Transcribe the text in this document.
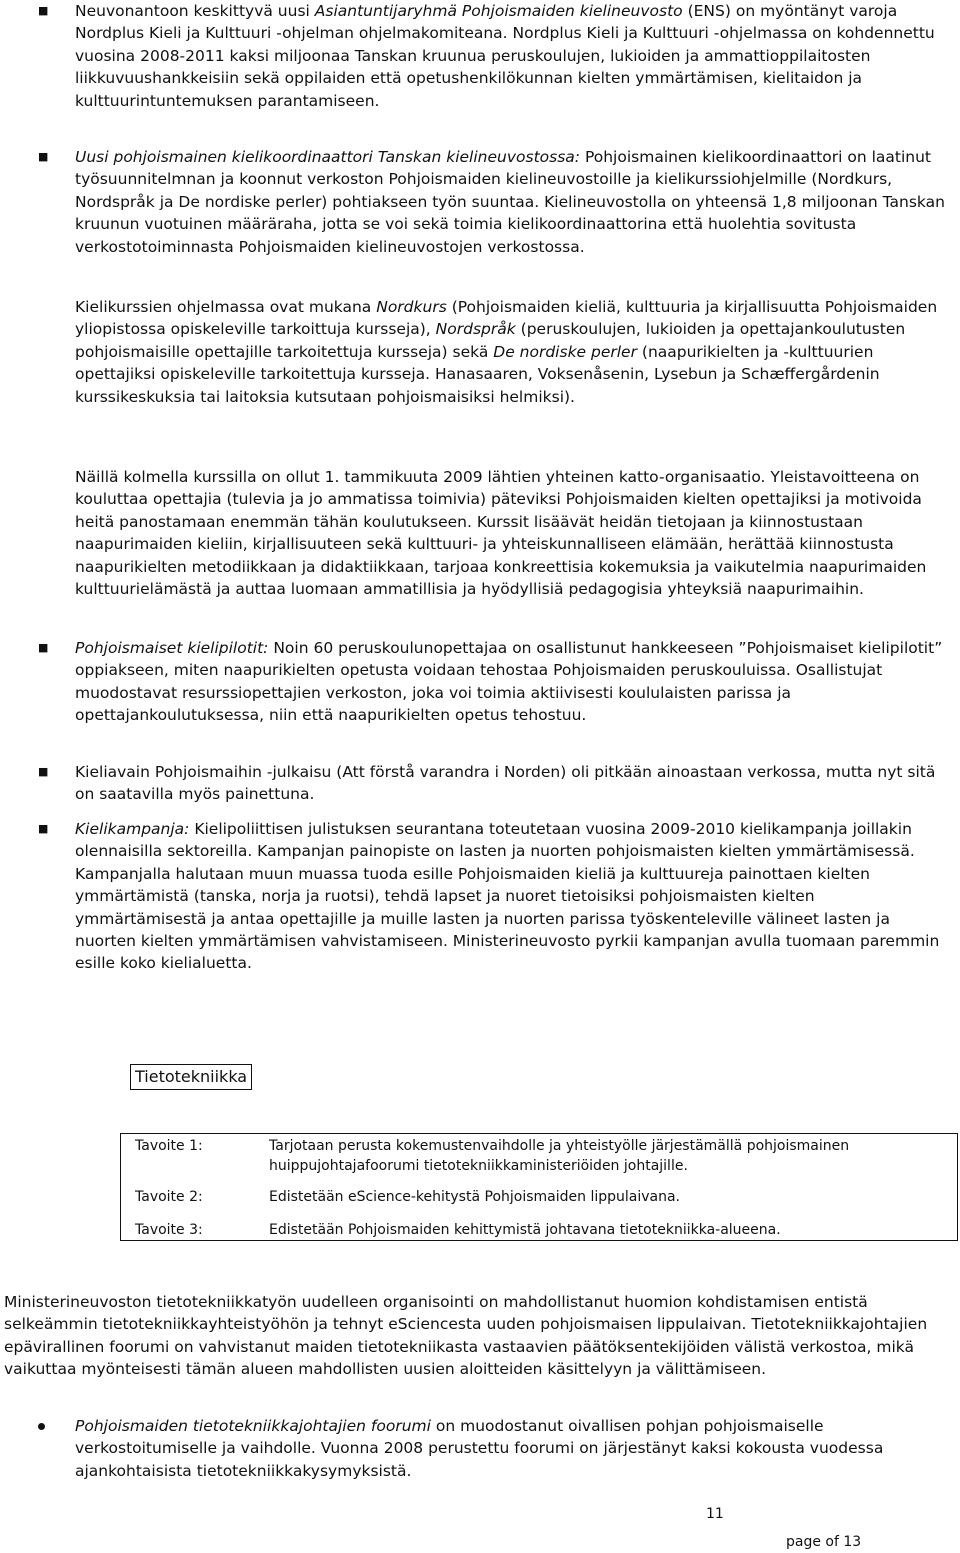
■ Neuvonantoon keskittyvä uusi Asiantuntijaryhmä Pohjoismaiden kielineuvosto (ENS) on myöntänyt varoja Nordplus Kieli ja Kulttuuri -ohjelman ohjelmakomiteana. Nordplus Kieli ja Kulttuuri -ohjelmassa on kohdennettu vuosina 2008‑2011 kaksi miljoonaa Tanskan kruunua peruskoulujen, lukioiden ja ammattioppilaitosten liikkuvuushankkeisiin sekä oppilaiden että opetushenkilökunnan kielten ymmärtämisen, kielitaidon ja kulttuurintuntemuksen parantamiseen.

■ Uusi pohjoismainen kielikoordinaattori Tanskan kielineuvostossa: Pohjoismainen kielikoordinaattori on laatinut työsuunnitelmnan ja koonnut verkoston Pohjoismaiden kielineuvostoille ja kielikurssiohjelmille (Nordkurs, Nordspråk ja De nordiske perler) pohtiakseen työn suuntaa. Kielineuvostolla on yhteensä 1,8 miljoonan Tanskan kruunun vuotuinen määräraha, jotta se voi sekä toimia kielikoordinaattorina että huolehtia sovitusta verkostotoiminnasta Pohjoismaiden kielineuvostojen verkostossa.

Kielikurssien ohjelmassa ovat mukana Nordkurs (Pohjoismaiden kieliä, kulttuuria ja kirjallisuutta Pohjoismaiden yliopistossa opiskeleville tarkoittuja kursseja), Nordspråk (peruskoulujen, lukioiden ja opettajankoulutusten pohjoismaisille opettajille tarkoitettuja kursseja) sekä De nordiske perler (naapurikielten ja -kulttuurien opettajiksi opiskeleville tarkoitettuja kursseja. Hanasaaren, Voksenåsenin, Lysebun ja Schæffergårdenin kurssikeskuksia tai laitoksia kutsutaan pohjoismaisiksi helmiksi).

Näillä kolmella kurssilla on ollut 1. tammikuuta 2009 lähtien yhteinen katto-organisaatio. Yleistavoitteena on kouluttaa opettajia (tulevia ja jo ammatissa toimivia) päteviksi Pohjoismaiden kielten opettajiksi ja motivoida heitä panostamaan enemmän tähän koulutukseen. Kurssit lisäävät heidän tietojaan ja kiinnostustaan naapurimaiden kieliin, kirjallisuuteen sekä kulttuuri- ja yhteiskunnalliseen elämään, herättää kiinnostusta naapurikielten metodiikkaan ja didaktiikkaan, tarjoaa konkreettisia kokemuksia ja vaikutelmia naapurimaiden kulttuurielämästä ja auttaa luomaan ammatillisia ja hyödyllisiä pedagogisia yhteyksiä naapurimaihin.

■ Pohjoismaiset kielipilotit: Noin 60 peruskoulunopettajaa on osallistunut hankkeeseen ”Pohjoismaiset kielipilotit” oppiakseen, miten naapurikielten opetusta voidaan tehostaa Pohjoismaiden peruskouluissa. Osallistujat muodostavat resurssiopettajien verkoston, joka voi toimia aktiivisesti koululaisten parissa ja opettajankoulutuksessa, niin että naapurikielten opetus tehostuu.

■ Kieliavain Pohjoismaihin -julkaisu (Att förstå varandra i Norden) oli pitkään ainoastaan verkossa, mutta nyt sitä on saatavilla myös painettuna.

■ Kielikampanja: Kielipoliittisen julistuksen seurantana toteutetaan vuosina 2009‑2010 kielikampanja joillakin olennaisilla sektoreilla. Kampanjan painopiste on lasten ja nuorten pohjoismaisten kielten ymmärtämisessä. Kampanjalla halutaan muun muassa tuoda esille Pohjoismaiden kieliä ja kulttuureja painottaen kielten ymmärtämistä (tanska, norja ja ruotsi), tehdä lapset ja nuoret tietoisiksi pohjoismaisten kielten ymmärtämisestä ja antaa opettajille ja muille lasten ja nuorten parissa työskenteleville välineet lasten ja nuorten kielten ymmärtämisen vahvistamiseen. Ministerineuvosto pyrkii kampanjan avulla tuomaan paremmin esille koko kielialuetta.

Tietotekniikka
Tavoite 1:	Tarjotaan perusta kokemustenvaihdolle ja yhteistyölle järjestämällä pohjoismainen huippujohtajafoorumi tietotekniikkaministeriöiden johtajille.
Tavoite 2:	Edistetään eScience-kehitystä Pohjoismaiden lippulaivana.
Tavoite 3:	Edistetään Pohjoismaiden kehittymistä johtavana tietotekniikka-alueena.

Ministerineuvoston tietotekniikkatyön uudelleen organisointi on mahdollistanut huomion kohdistamisen entistä selkeämmin tietotekniikkayhteistyöhön ja tehnyt eSciencesta uuden pohjoismaisen lippulaivan. Tietotekniikkajohtajien epävirallinen foorumi on vahvistanut maiden tietotekniikasta vastaavien päätöksentekijöiden välistä verkostoa, mikä vaikuttaa myönteisesti tämän alueen mahdollisten uusien aloitteiden käsittelyyn ja välittämiseen.

Pohjoismaiden tietotekniikkajohtajien foorumi on muodostanut oivallisen pohjan pohjoismaiselle verkostoitumiselle ja vaihdolle. Vuonna 2008 perustettu foorumi on järjestänyt kaksi kokousta vuodessa ajankohtaisista tietotekniikkakysymyksistä.

11
page of 13
